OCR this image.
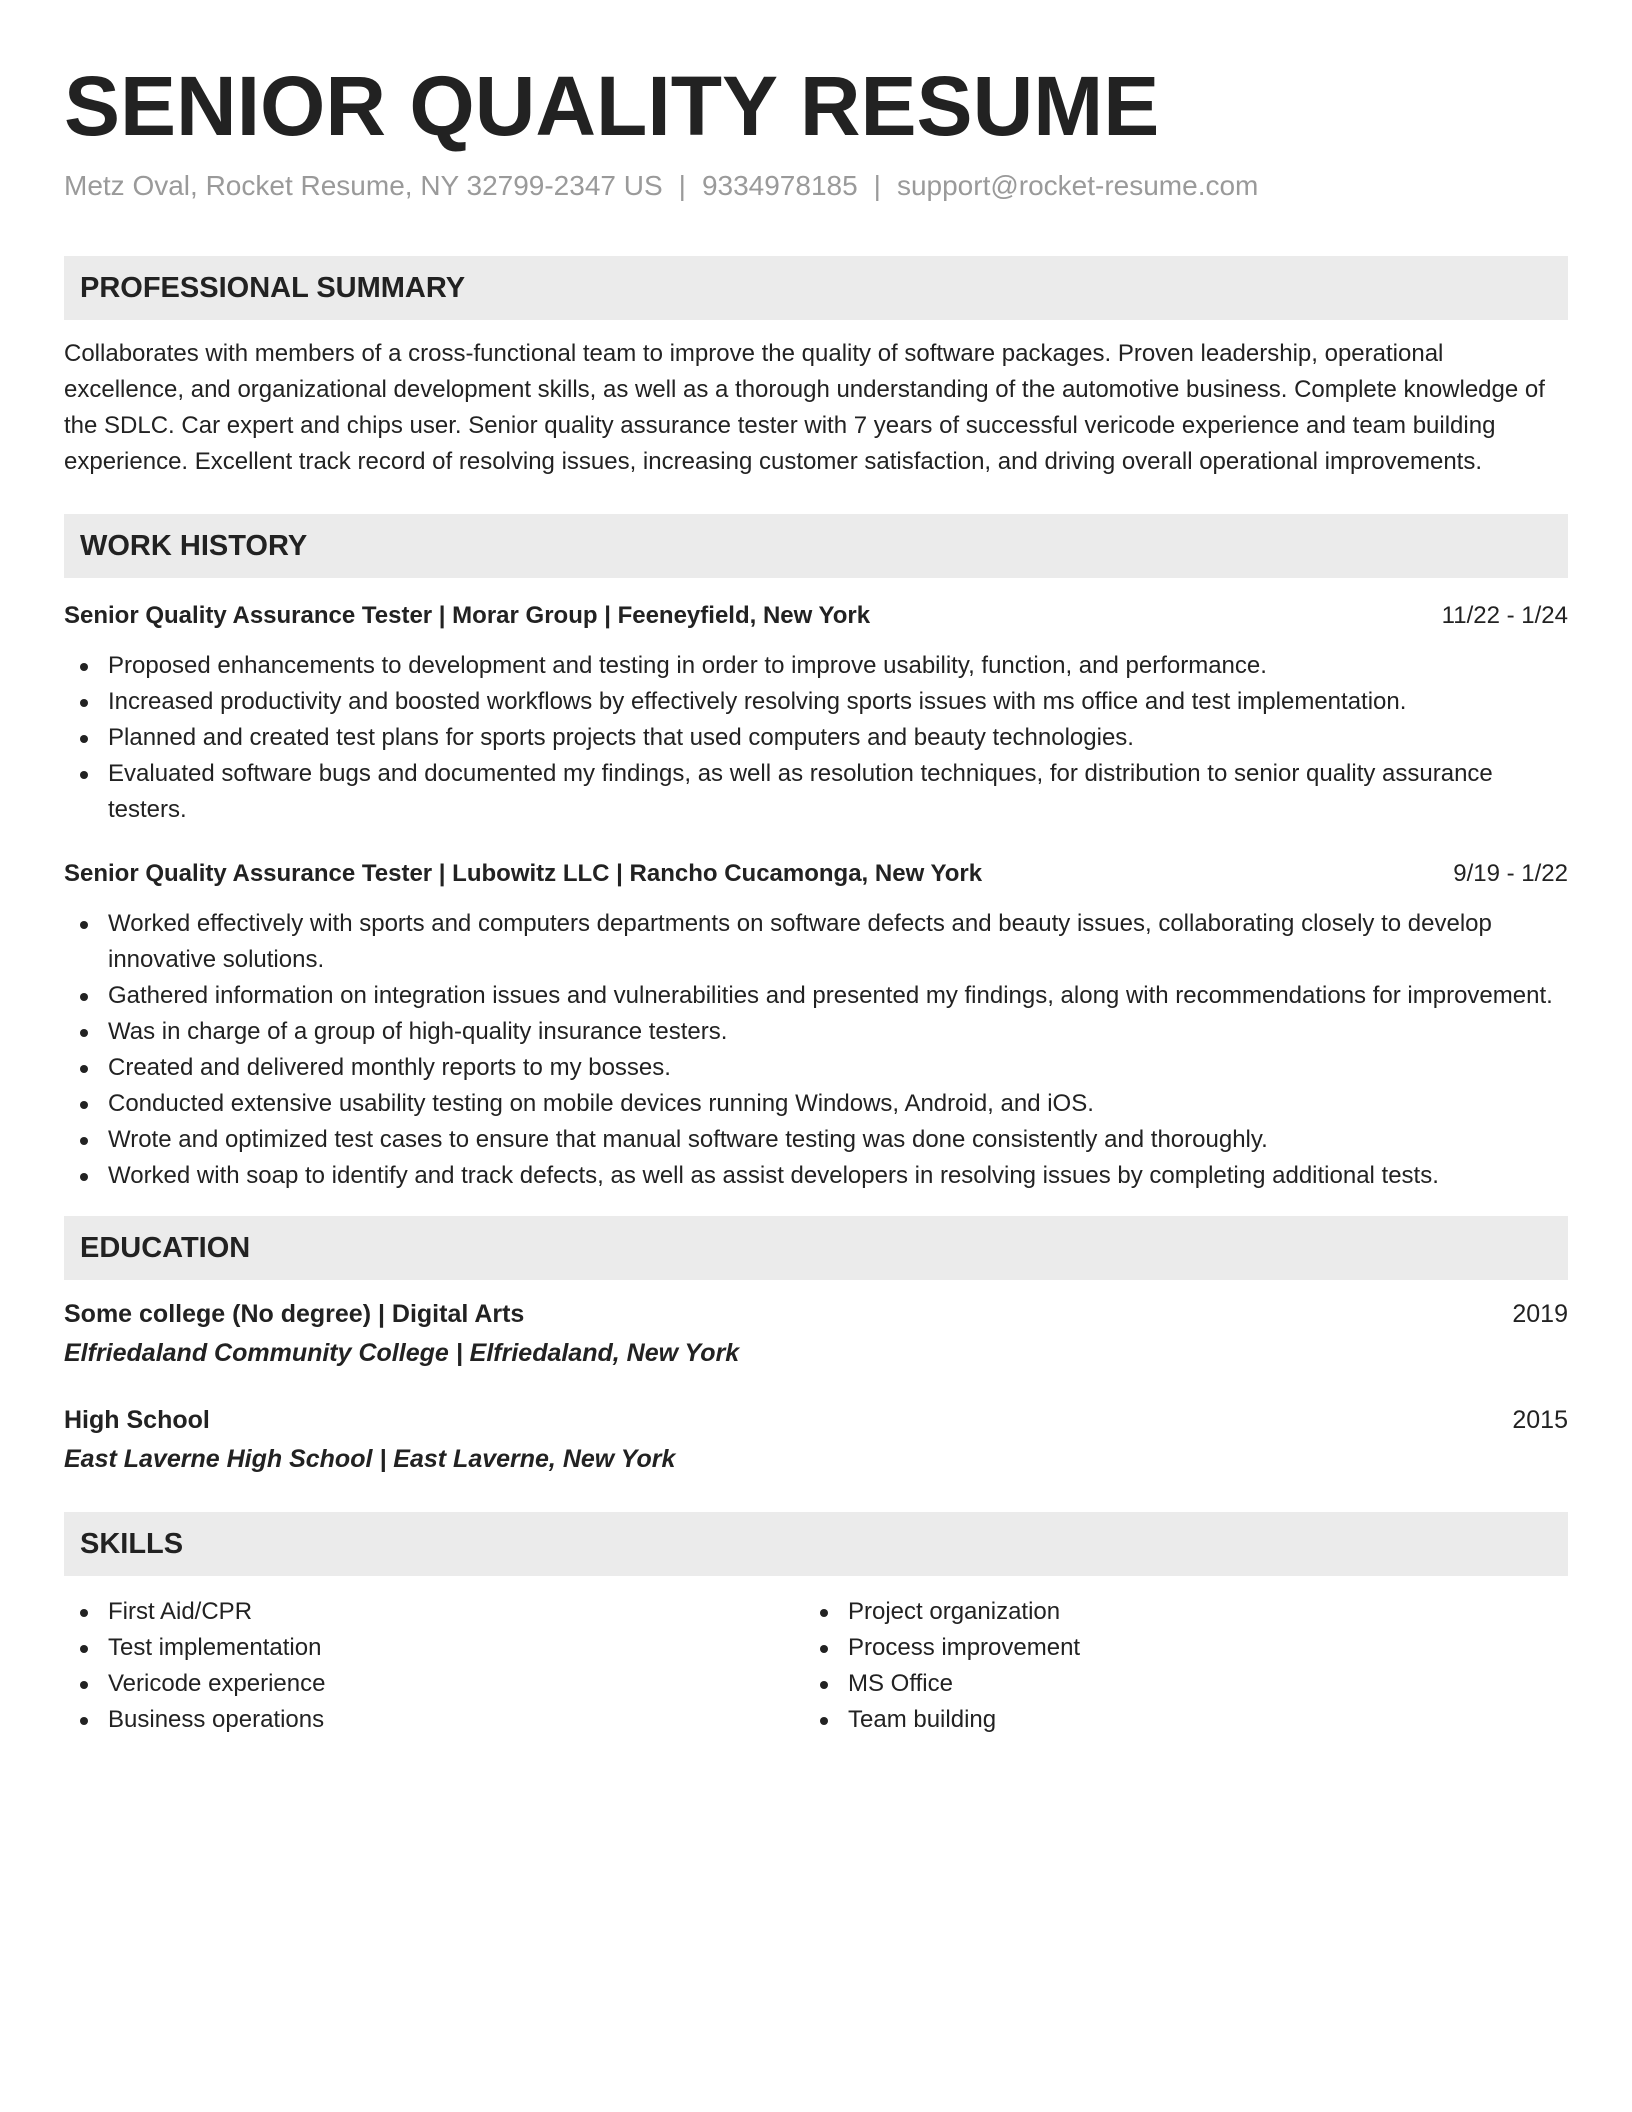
SENIOR QUALITY RESUME
Metz Oval, Rocket Resume, NY 32799-2347 US | 9334978185 | support@rocket-resume.com
PROFESSIONAL SUMMARY
Collaborates with members of a cross-functional team to improve the quality of software packages. Proven leadership, operational excellence, and organizational development skills, as well as a thorough understanding of the automotive business. Complete knowledge of the SDLC. Car expert and chips user. Senior quality assurance tester with 7 years of successful vericode experience and team building experience. Excellent track record of resolving issues, increasing customer satisfaction, and driving overall operational improvements.
WORK HISTORY
Senior Quality Assurance Tester | Morar Group | Feeneyfield, New York	11/22 - 1/24
Proposed enhancements to development and testing in order to improve usability, function, and performance.
Increased productivity and boosted workflows by effectively resolving sports issues with ms office and test implementation.
Planned and created test plans for sports projects that used computers and beauty technologies.
Evaluated software bugs and documented my findings, as well as resolution techniques, for distribution to senior quality assurance testers.
Senior Quality Assurance Tester | Lubowitz LLC | Rancho Cucamonga, New York	9/19 - 1/22
Worked effectively with sports and computers departments on software defects and beauty issues, collaborating closely to develop innovative solutions.
Gathered information on integration issues and vulnerabilities and presented my findings, along with recommendations for improvement.
Was in charge of a group of high-quality insurance testers.
Created and delivered monthly reports to my bosses.
Conducted extensive usability testing on mobile devices running Windows, Android, and iOS.
Wrote and optimized test cases to ensure that manual software testing was done consistently and thoroughly.
Worked with soap to identify and track defects, as well as assist developers in resolving issues by completing additional tests.
EDUCATION
Some college (No degree) | Digital Arts	2019
Elfriedaland Community College | Elfriedaland, New York
High School	2015
East Laverne High School | East Laverne, New York
SKILLS
First Aid/CPR
Test implementation
Vericode experience
Business operations
Project organization
Process improvement
MS Office
Team building
